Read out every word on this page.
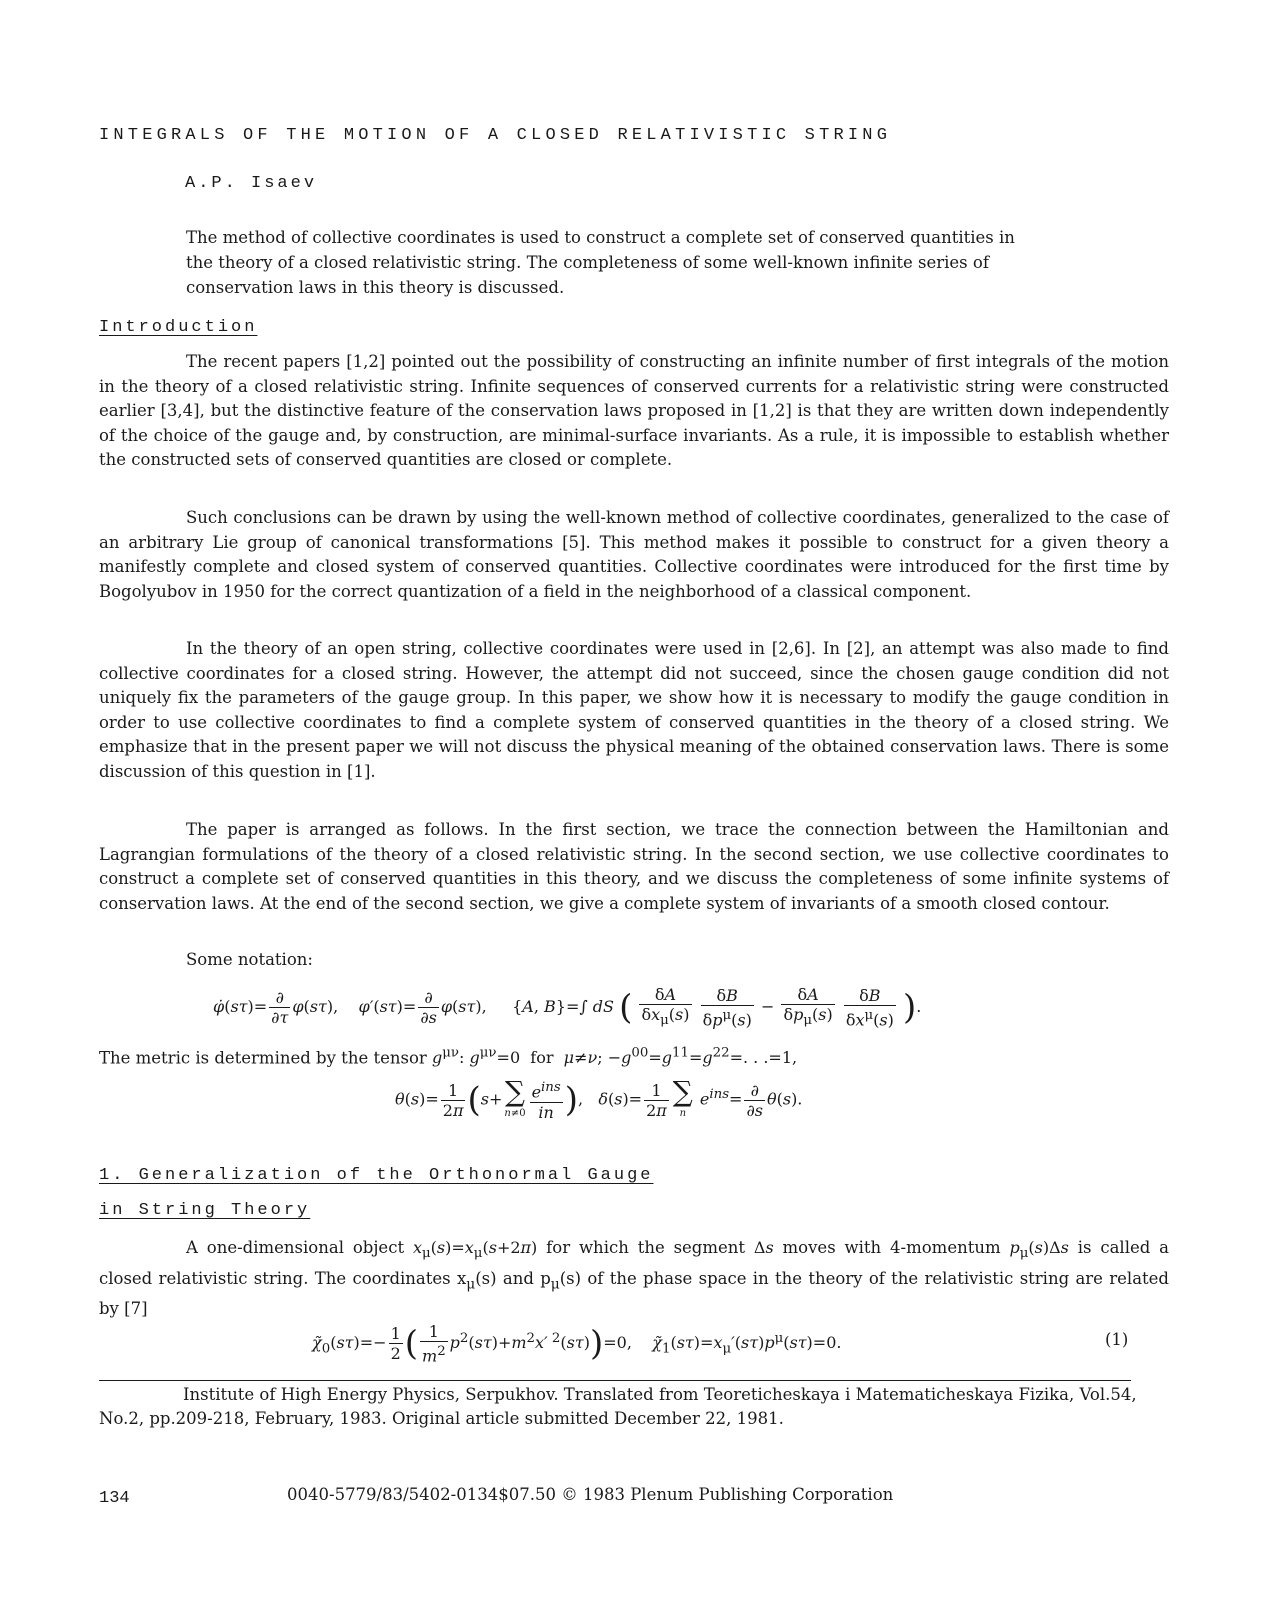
INTEGRALS OF THE MOTION OF A CLOSED RELATIVISTIC STRING
A.P. Isaev
The method of collective coordinates is used to construct a complete set of conserved quantities in the theory of a closed relativistic string. The completeness of some well-known infinite series of conservation laws in this theory is discussed.
Introduction
The recent papers [1,2] pointed out the possibility of constructing an infinite number of first integrals of the motion in the theory of a closed relativistic string. Infinite sequences of conserved currents for a relativistic string were constructed earlier [3,4], but the distinctive feature of the conservation laws proposed in [1,2] is that they are written down independently of the choice of the gauge and, by construction, are minimal-surface invariants. As a rule, it is impossible to establish whether the constructed sets of conserved quantities are closed or complete.
Such conclusions can be drawn by using the well-known method of collective coordinates, generalized to the case of an arbitrary Lie group of canonical transformations [5]. This method makes it possible to construct for a given theory a manifestly complete and closed system of conserved quantities. Collective coordinates were introduced for the first time by Bogolyubov in 1950 for the correct quantization of a field in the neighborhood of a classical component.
In the theory of an open string, collective coordinates were used in [2,6]. In [2], an attempt was also made to find collective coordinates for a closed string. However, the attempt did not succeed, since the chosen gauge condition did not uniquely fix the parameters of the gauge group. In this paper, we show how it is necessary to modify the gauge condition in order to use collective coordinates to find a complete system of conserved quantities in the theory of a closed string. We emphasize that in the present paper we will not discuss the physical meaning of the obtained conservation laws. There is some discussion of this question in [1].
The paper is arranged as follows. In the first section, we trace the connection between the Hamiltonian and Lagrangian formulations of the theory of a closed relativistic string. In the second section, we use collective coordinates to construct a complete set of conserved quantities in this theory, and we discuss the completeness of some infinite systems of conservation laws. At the end of the second section, we give a complete system of invariants of a smooth closed contour.
Some notation:
φ̇(sτ)= $\frac{\partial}{\partial\tau} \varphi(s\tau)$,    $\varphi'(s\tau)= \frac{\partial}{\partial s} \varphi(s\tau)$,     {A, B}=∫ dS ( $\frac{\delta A}{\delta x_\mu(s)}$
$\frac{\delta B}{\delta p^\mu(s)} - \frac{\delta A}{\delta p_\mu(s)}$
$\frac{\delta B}{\delta x^\mu(s)}$ ).
The metric is determined by the tensor $g^{\mu\nu}$: $g^{\mu\nu}=0$  for  μ≠ν; $-g^{00}=g^{11}=g^{22}=$. . .=1,
$\theta(s)= \frac{1}{2\pi} (s+$ ∑
$n\ne 0 \frac{e^{ins}}{in}$ ),   $\delta(s)= \frac{1}{2\pi}$ ∑
n
$e^{ins}= \frac{\partial}{\partial s} \theta(s)$.
1. Generalization of the Orthonormal Gauge
in String Theory
A one-dimensional object $x_\mu(s)=x_\mu(s+2\pi)$ for which the segment Δs moves with 4-momentum $p_\mu(s)\Delta s$ is called a closed relativistic string. The coordinates $x_\mu(s)$ and $p_\mu(s)$ of the phase space in the theory of the relativistic string are related by [7]
$\chĩ_0(s\tau)=- \frac{1}{2}$ ( $\frac{1}{m^2} p^2(s\tau)+m^2x'$ $^2$(sτ))=0,    $\chĩ_1(s\tau)=x_\mu'(s\tau)p^\mu(s\tau)=0$.	(1)
Institute of High Energy Physics, Serpukhov. Translated from Teoreticheskaya i Matematicheskaya Fizika, Vol.54, No.2, pp.209-218, February, 1983. Original article submitted December 22, 1981.
134	0040-5779/83/5402-0134$07.50 © 1983 Plenum Publishing Corporation
